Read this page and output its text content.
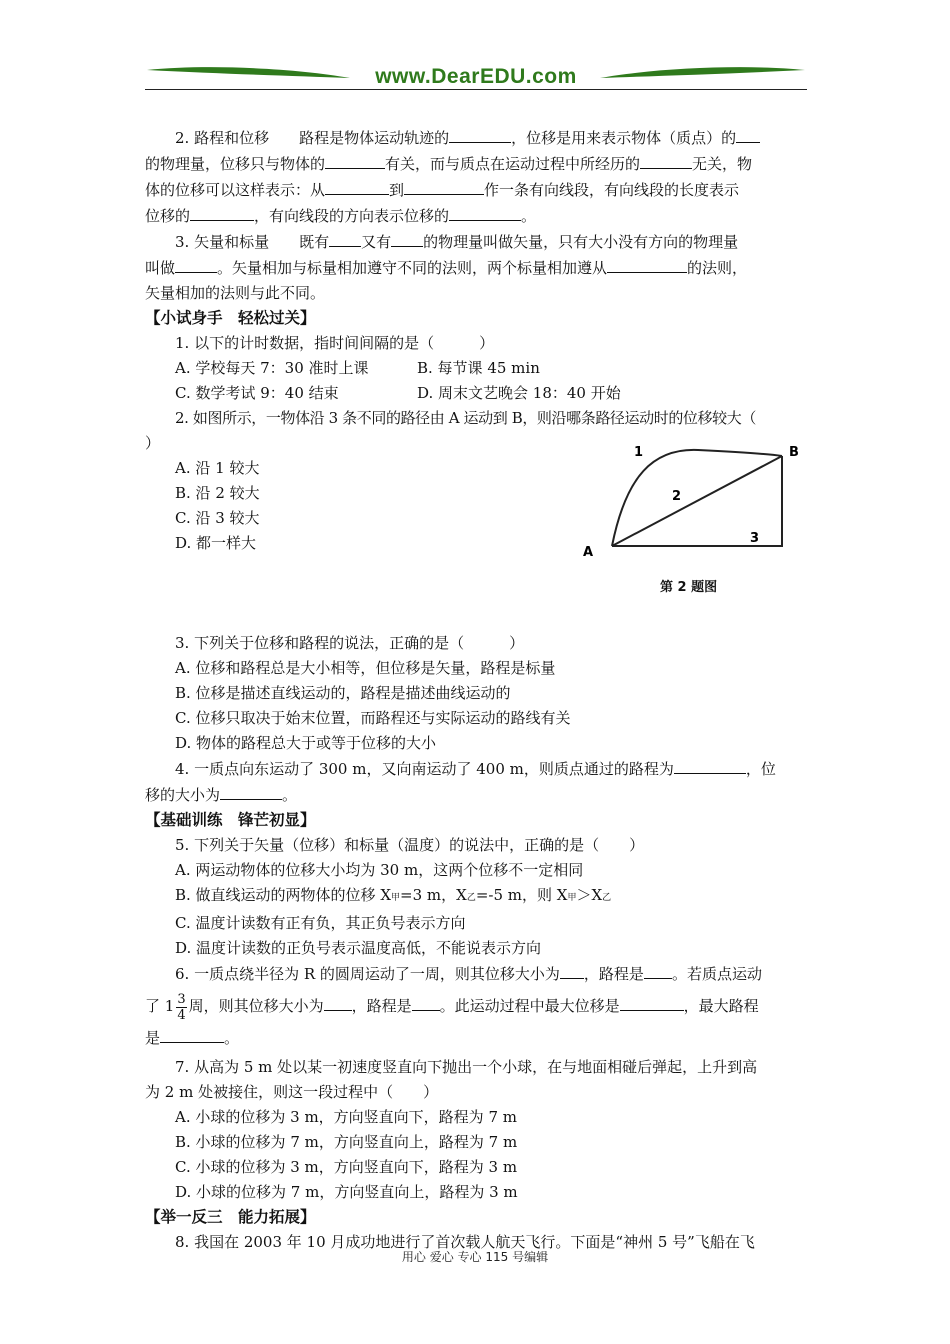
www.DearEDU.com

2. 路程和位移　　路程是物体运动轨迹的	，位移是用来表示物体（质点）的

的物理量，位移只与物体的	有关，而与质点在运动过程中所经历的	无关，物

体的位移可以这样表示：从	到	作一条有向线段，有向线段的长度表示

位移的	，有向线段的方向表示位移的	。

3. 矢量和标量　　既有 又有 的物理量叫做矢量，只有大小没有方向的物理量

叫做	。矢量相加与标量相加遵守不同的法则，两个标量相加遵从	的法则，

矢量相加的法则与此不同。

【小试身手　轻松过关】

1. 以下的计时数据，指时间间隔的是（　　　）

A. 学校每天 7：30 准时上课	B. 每节课 45 min

C. 数学考试 9：40 结束	D. 周末文艺晚会 18：40 开始

2. 如图所示，一物体沿 3 条不同的路径由 A 运动到 B，则沿哪条路径运动时的位移较大（

）

A. 沿 1 较大

B. 沿 2 较大

C. 沿 3 较大

D. 都一样大

3. 下列关于位移和路程的说法，正确的是（　　　）

A. 位移和路程总是大小相等，但位移是矢量，路程是标量

B. 位移是描述直线运动的，路程是描述曲线运动的

C. 位移只取决于始末位置，而路程还与实际运动的路线有关

D. 物体的路程总大于或等于位移的大小

4. 一质点向东运动了 300 m，又向南运动了 400 m，则质点通过的路程为	，位

移的大小为	。

【基础训练　锋芒初显】

5. 下列关于矢量（位移）和标量（温度）的说法中，正确的是（　　）

A. 两运动物体的位移大小均为 30 m，这两个位移不一定相同

B. 做直线运动的两物体的位移 X甲=3 m，X乙=-5 m，则 X甲＞X乙

C. 温度计读数有正有负，其正负号表示方向

D. 温度计读数的正负号表示温度高低，不能说表示方向

6. 一质点绕半径为 R 的圆周运动了一周，则其位移大小为 ，路程是 。若质点运动

了 $1 \frac{3}{4}$ 周，则其位移大小为 ，路程是 。此运动过程中最大位移是	，最大路程

是	。

7. 从高为 5 m 处以某一初速度竖直向下抛出一个小球，在与地面相碰后弹起，上升到高

为 2 m 处被接住，则这一段过程中（　　）

A. 小球的位移为 3 m，方向竖直向下，路程为 7 m

B. 小球的位移为 7 m，方向竖直向上，路程为 7 m

C. 小球的位移为 3 m，方向竖直向下，路程为 3 m

D. 小球的位移为 7 m，方向竖直向上，路程为 3 m

【举一反三　能力拓展】

8. 我国在 2003 年 10 月成功地进行了首次载人航天飞行。下面是“神州 5 号”飞船在飞

1
2
3
A
B
第 2 题图
用心 爱心 专心 115 号编辑
